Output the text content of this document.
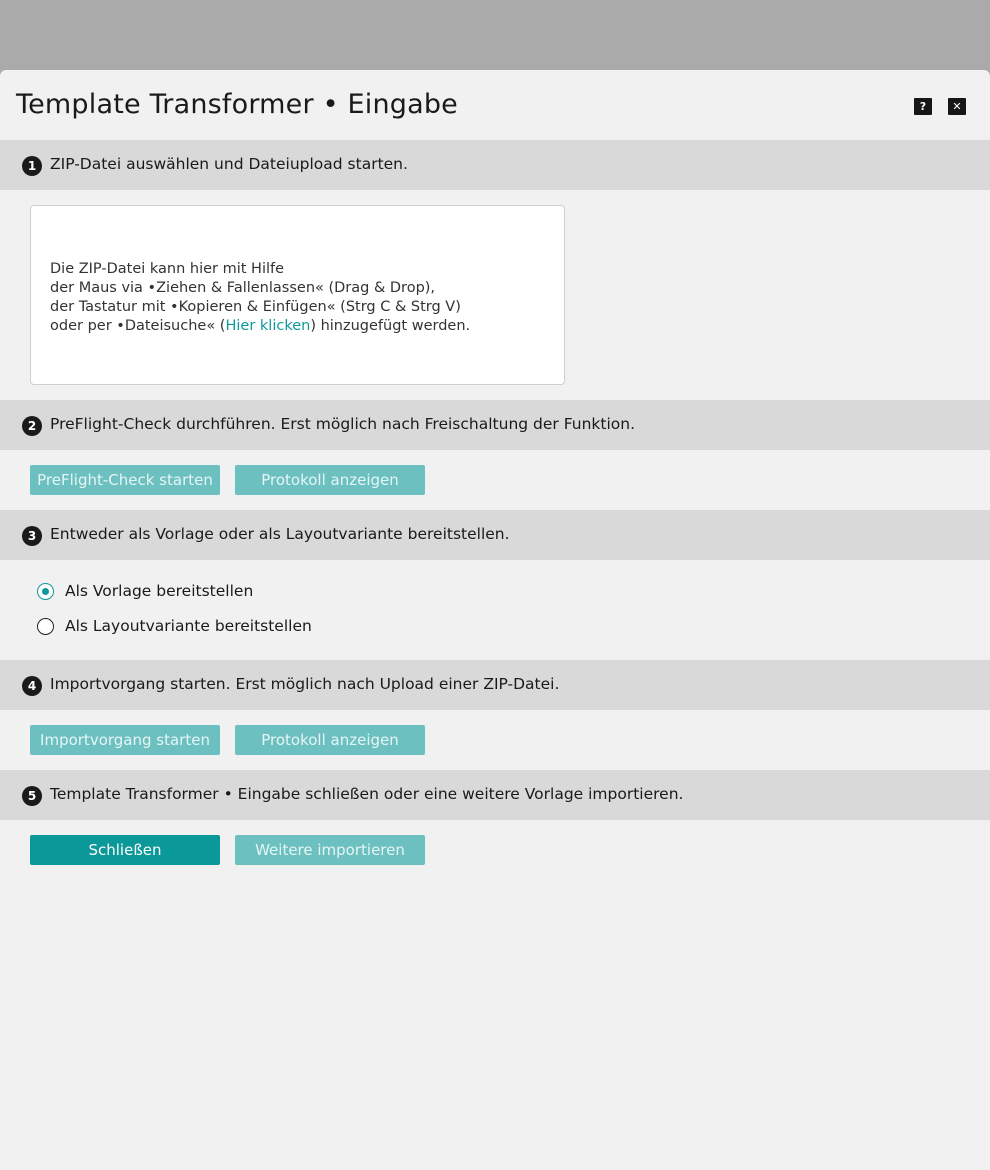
Template Transformer • Eingabe	?	✕
1 ZIP-Datei auswählen und Dateiupload starten.
Die ZIP-Datei kann hier mit Hilfe
der Maus via •Ziehen & Fallenlassen« (Drag & Drop),
der Tastatur mit •Kopieren & Einfügen« (Strg C & Strg V)
oder per •Dateisuche« (Hier klicken) hinzugefügt werden.
2 PreFlight-Check durchführen. Erst möglich nach Freischaltung der Funktion.
PreFlight-Check starten	Protokoll anzeigen
3 Entweder als Vorlage oder als Layoutvariante bereitstellen.
Als Vorlage bereitstellen
Als Layoutvariante bereitstellen
4 Importvorgang starten. Erst möglich nach Upload einer ZIP-Datei.
Importvorgang starten	Protokoll anzeigen
5 Template Transformer • Eingabe schließen oder eine weitere Vorlage importieren.
Schließen	Weitere importieren
